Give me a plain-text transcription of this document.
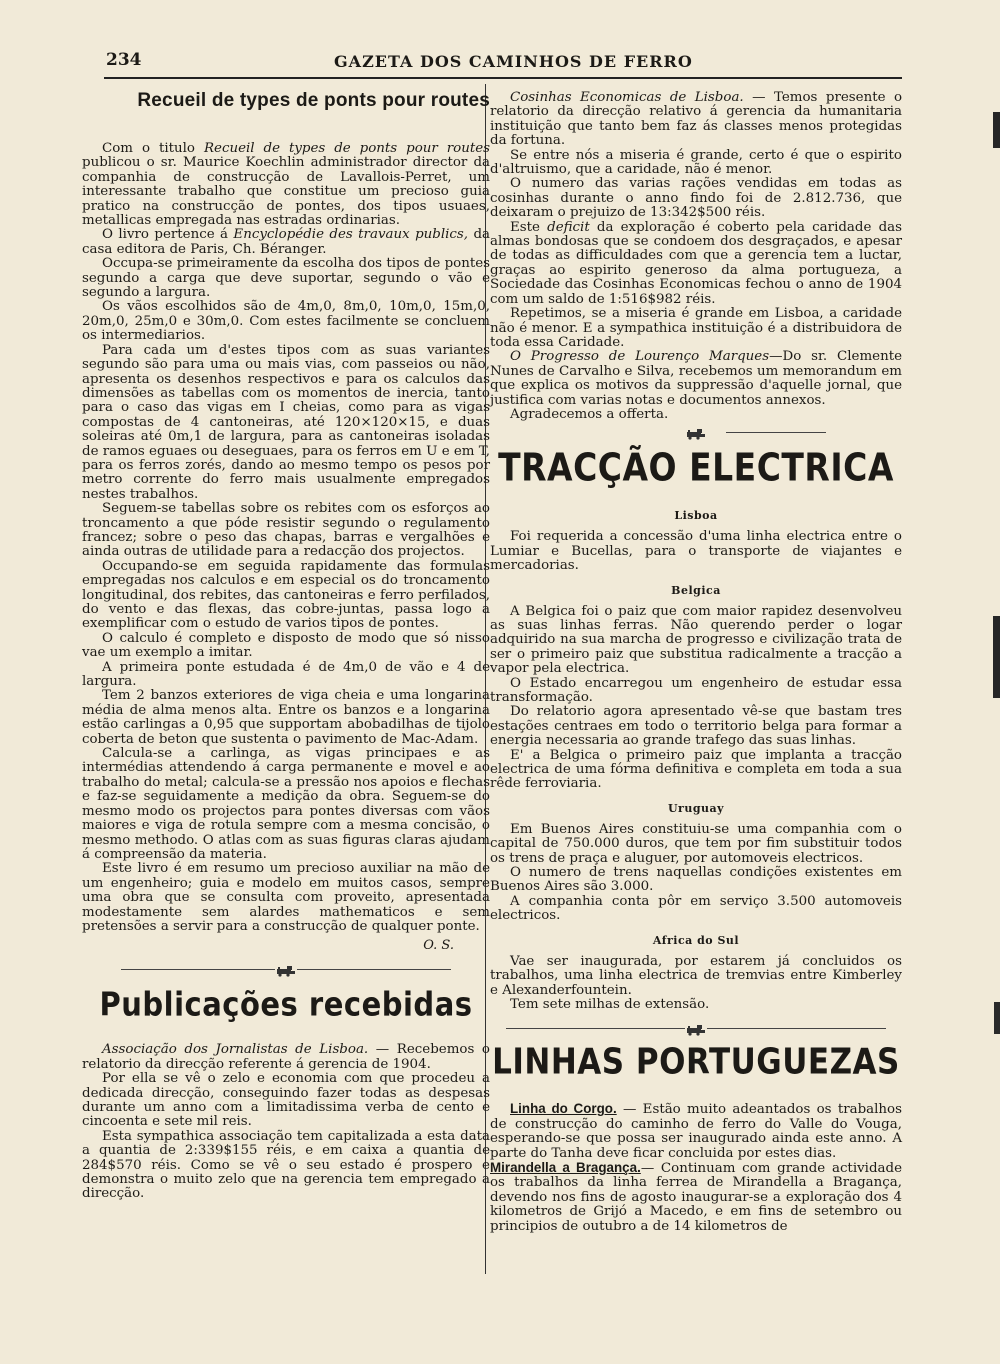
234	GAZETA DOS CAMINHOS DE FERRO
Recueil de types de ponts pour routes

Com o titulo Recueil de types de ponts pour routes publicou o sr. Maurice Koechlin administrador director da companhia de construcção de Lavallois-Perret, um interessante trabalho que constitue um precioso guia pratico na construcção de pontes, dos tipos usuaes, metallicas empregada nas estradas ordinarias.

O livro pertence á Encyclopédie des travaux publics, da casa editora de Paris, Ch. Béranger.

Occupa-se primeiramente da escolha dos tipos de pontes segundo a carga que deve suportar, segundo o vão e segundo a largura.

Os vãos escolhidos são de 4m,0, 8m,0, 10m,0, 15m,0, 20m,0, 25m,0 e 30m,0. Com estes facilmente se concluem os intermediarios.

Para cada um d'estes tipos com as suas variantes segundo são para uma ou mais vias, com passeios ou não, apresenta os desenhos respectivos e para os calculos das dimensões as tabellas com os momentos de inercia, tanto para o caso das vigas em I cheias, como para as vigas compostas de 4 cantoneiras, até 120×120×15, e duas soleiras até 0m,1 de largura, para as cantoneiras isoladas de ramos eguaes ou deseguaes, para os ferros em U e em T, para os ferros zorés, dando ao mesmo tempo os pesos por metro corrente do ferro mais usualmente empregados nestes trabalhos.

Seguem-se tabellas sobre os rebites com os esforços ao troncamento a que póde resistir segundo o regulamento francez; sobre o peso das chapas, barras e vergalhões e ainda outras de utilidade para a redacção dos projectos.

Occupando-se em seguida rapidamente das formulas empregadas nos calculos e em especial os do troncamento longitudinal, dos rebites, das cantoneiras e ferro perfilados, do vento e das flexas, das cobre-juntas, passa logo a exemplificar com o estudo de varios tipos de pontes.

O calculo é completo e disposto de modo que só nisso vae um exemplo a imitar.

A primeira ponte estudada é de 4m,0 de vão e 4 de largura.

Tem 2 banzos exteriores de viga cheia e uma longarina média de alma menos alta. Entre os banzos e a longarina estão carlingas a 0,95 que supportam abobadilhas de tijolo coberta de beton que sustenta o pavimento de Mac-Adam.

Calcula-se a carlinga, as vigas principaes e as intermédias attendendo á carga permanente e movel e ao trabalho do metal; calcula-se a pressão nos apoios e flechas e faz-se seguidamente a medição da obra. Seguem-se do mesmo modo os projectos para pontes diversas com vãos maiores e viga de rotula sempre com a mesma concisão, o mesmo methodo. O atlas com as suas figuras claras ajudam á compreensão da materia.

Este livro é em resumo um precioso auxiliar na mão de um engenheiro; guia e modelo em muitos casos, sempre uma obra que se consulta com proveito, apresentada modestamente sem alardes mathematicos e sem pretensões a servir para a construcção de qualquer ponte.

O. S.
Publicações recebidas

Associação dos Jornalistas de Lisboa. — Recebemos o relatorio da direcção referente á gerencia de 1904.

Por ella se vê o zelo e economia com que procedeu a dedicada direcção, conseguindo fazer todas as despesas durante um anno com a limitadissima verba de cento e cincoenta e sete mil reis.

Esta sympathica associação tem capitalizada a esta data a quantia de 2:339$155 réis, e em caixa a quantia de 284$570 réis. Como se vê o seu estado é prospero e demonstra o muito zelo que na gerencia tem empregado a direcção.

Cosinhas Economicas de Lisboa. — Temos presente o relatorio da direcção relativo á gerencia da humanitaria instituição que tanto bem faz ás classes menos protegidas da fortuna.

Se entre nós a miseria é grande, certo é que o espirito d'altruismo, que a caridade, não é menor.

O numero das varias rações vendidas em todas as cosinhas durante o anno findo foi de 2.812.736, que deixaram o prejuizo de 13:342$500 réis.

Este deficit da exploração é coberto pela caridade das almas bondosas que se condoem dos desgraçados, e apesar de todas as difficuldades com que a gerencia tem a luctar, graças ao espirito generoso da alma portugueza, a Sociedade das Cosinhas Economicas fechou o anno de 1904 com um saldo de 1:516$982 réis.

Repetimos, se a miseria é grande em Lisboa, a caridade não é menor. E a sympathica instituição é a distribuidora de toda essa Caridade.

O Progresso de Lourenço Marques—Do sr. Clemente Nunes de Carvalho e Silva, recebemos um memorandum em que explica os motivos da suppressão d'aquelle jornal, que justifica com varias notas e documentos annexos.

Agradecemos a offerta.

TRACÇÃO ELECTRICA
Lisboa

Foi requerida a concessão d'uma linha electrica entre o Lumiar e Bucellas, para o transporte de viajantes e mercadorias.

Belgica

A Belgica foi o paiz que com maior rapidez desenvolveu as suas linhas ferras. Não querendo perder o logar adquirido na sua marcha de progresso e civilização trata de ser o primeiro paiz que substitua radicalmente a tracção a vapor pela electrica.

O Estado encarregou um engenheiro de estudar essa transformação.

Do relatorio agora apresentado vê-se que bastam tres estações centraes em todo o territorio belga para formar a energia necessaria ao grande trafego das suas linhas.

E' a Belgica o primeiro paiz que implanta a tracção electrica de uma fórma definitiva e completa em toda a sua rêde ferroviaria.

Uruguay

Em Buenos Aires constituiu-se uma companhia com o capital de 750.000 duros, que tem por fim substituir todos os trens de praça e aluguer, por automoveis electricos.

O numero de trens naquellas condições existentes em Buenos Aires são 3.000.

A companhia conta pôr em serviço 3.500 automoveis electricos.

Africa do Sul

Vae ser inaugurada, por estarem já concluidos os trabalhos, uma linha electrica de tremvias entre Kimberley e Alexanderfountein.

Tem sete milhas de extensão.

LINHAS PORTUGUEZAS

Linha do Corgo. — Estão muito adeantados os trabalhos de construcção do caminho de ferro do Valle do Vouga, esperando-se que possa ser inaugurado ainda este anno. A parte do Tanha deve ficar concluida por estes dias.

Mirandella a Bragança.— Continuam com grande actividade os trabalhos da linha ferrea de Mirandella a Bragança, devendo nos fins de agosto inaugurar-se a exploração dos 4 kilometros de Grijó a Macedo, e em fins de setembro ou principios de outubro a de 14 kilometros de
